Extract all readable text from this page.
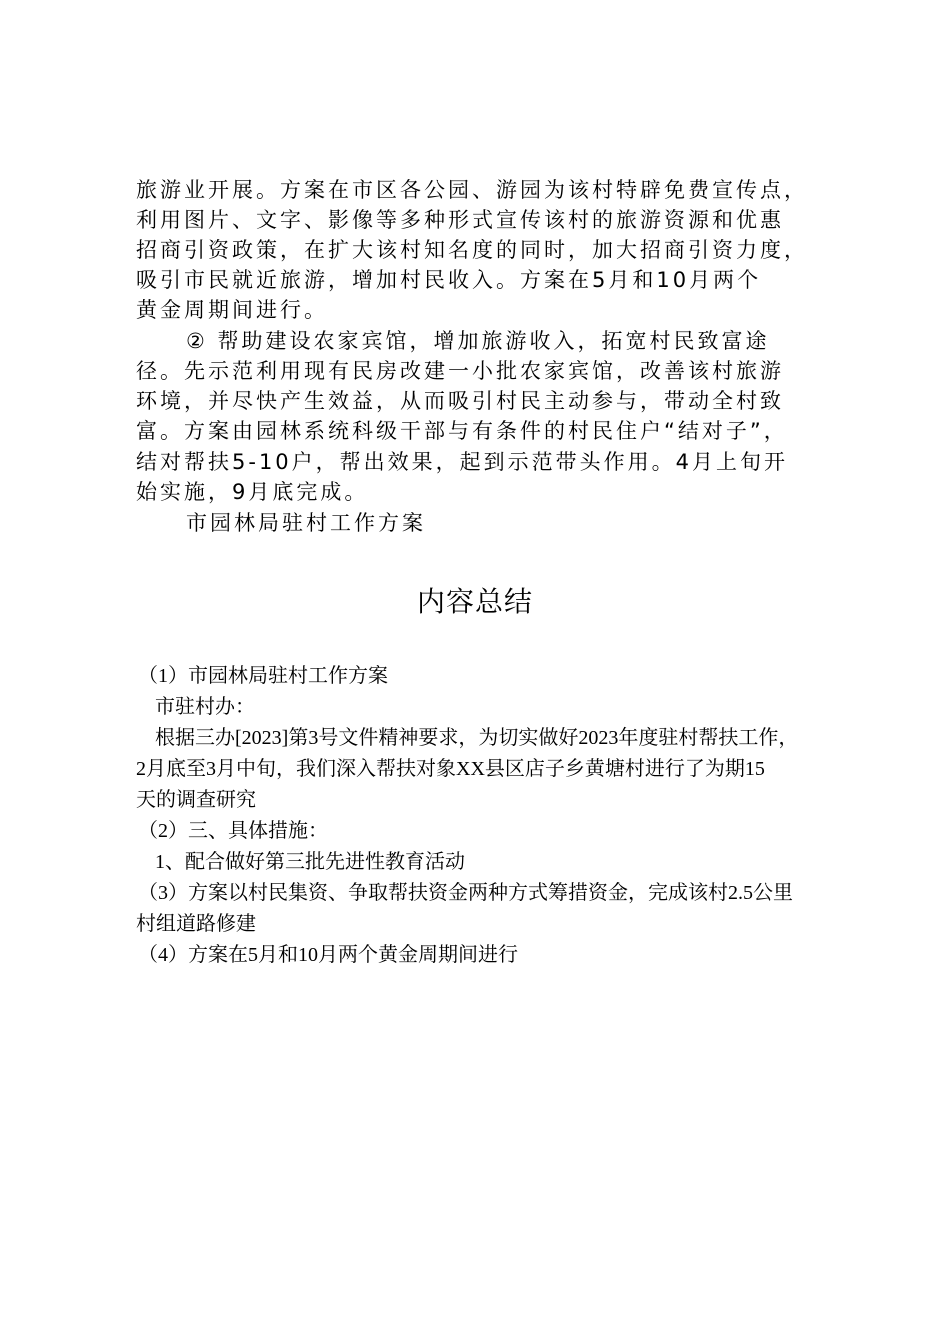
旅游业开展。方案在市区各公园、游园为该村特辟免费宣传点，
利用图片、文字、影像等多种形式宣传该村的旅游资源和优惠
招商引资政策，在扩大该村知名度的同时，加大招商引资力度，
吸引市民就近旅游，增加村民收入。方案在5月和10月两个
黄金周期间进行。
② 帮助建设农家宾馆，增加旅游收入，拓宽村民致富途
径。先示范利用现有民房改建一小批农家宾馆，改善该村旅游
环境，并尽快产生效益，从而吸引村民主动参与，带动全村致
富。方案由园林系统科级干部与有条件的村民住户“结对子”，
结对帮扶5-10户，帮出效果，起到示范带头作用。4月上旬开
始实施，9月底完成。
市园林局驻村工作方案
内容总结
（1）市园林局驻村工作方案
市驻村办：
根据三办[2023]第3号文件精神要求，为切实做好2023年度驻村帮扶工作，
2月底至3月中旬，我们深入帮扶对象XX县区店子乡黄塘村进行了为期15
天的调查研究
（2）三、具体措施：
1、配合做好第三批先进性教育活动
（3）方案以村民集资、争取帮扶资金两种方式筹措资金，完成该村2.5公里
村组道路修建
（4）方案在5月和10月两个黄金周期间进行
